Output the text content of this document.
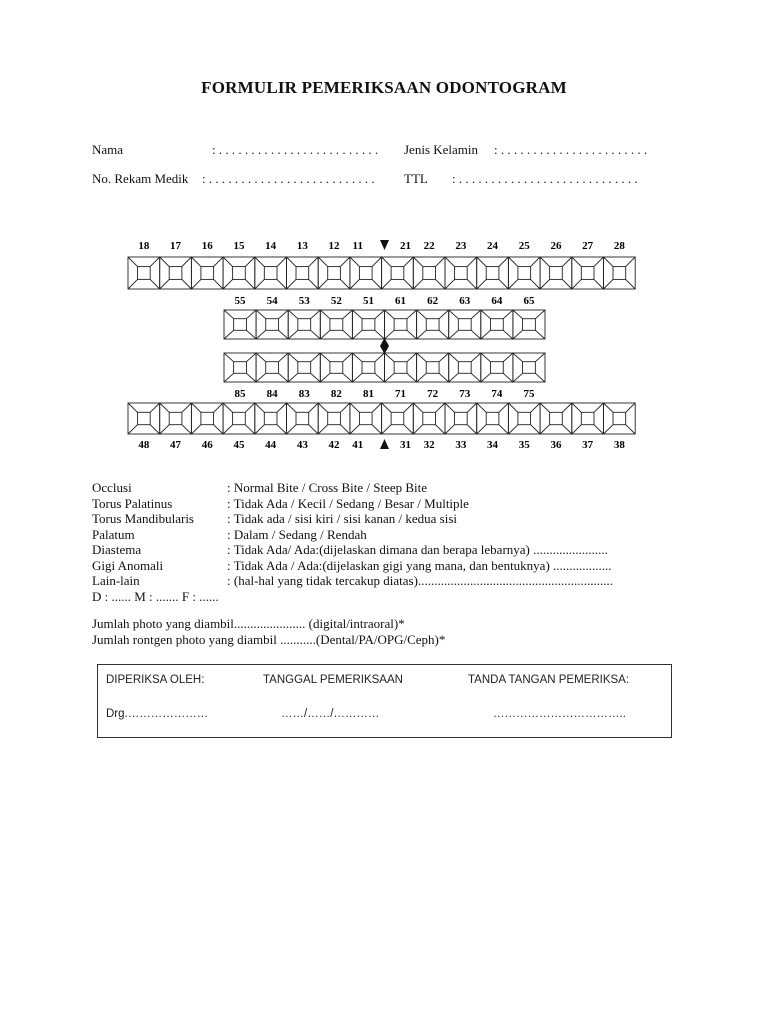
FORMULIR PEMERIKSAAN ODONTOGRAM
Nama	: . . . . . . . . . . . . . . . . . . . . . . . . . Jenis Kelamin : . . . . . . . . . . . . . . . . . . . . . . .
No. Rekam Medik : . . . . . . . . . . . . . . . . . . . . . . . . . . TTL : . . . . . . . . . . . . . . . . . . . . . . . . . . . .
18 17 16 15 14 13 12 11	21 22 23 24 25 26 27 28
55 54 53 52 51 61 62 63 64 65
85 84 83 82 81 71 72 73 74 75
48 47 46 45 44 43 42 41	31 32 33 34 35 36 37 38
Occlusi	: Normal Bite / Cross Bite / Steep Bite
Torus Palatinus	: Tidak Ada / Kecil / Sedang / Besar / Multiple
Torus Mandibularis	: Tidak ada / sisi kiri / sisi kanan / kedua sisi
Palatum	: Dalam / Sedang / Rendah
Diastema	: Tidak Ada/ Ada:(dijelaskan dimana dan berapa lebarnya) .......................
Gigi Anomali	: Tidak Ada / Ada:(dijelaskan gigi yang mana, dan bentuknya) ..................
Lain-lain	: (hal-hal yang tidak tercakup diatas)............................................................
D : ...... M : ....... F : ......
Jumlah photo yang diambil...................... (digital/intraoral)*
Jumlah rontgen photo yang diambil ...........(Dental/PA/OPG/Ceph)*
DIPERIKSA OLEH:	TANGGAL PEMERIKSAAN	TANDA TANGAN PEMERIKSA:
Drg.…………………	……/……/…………	……………………………..
